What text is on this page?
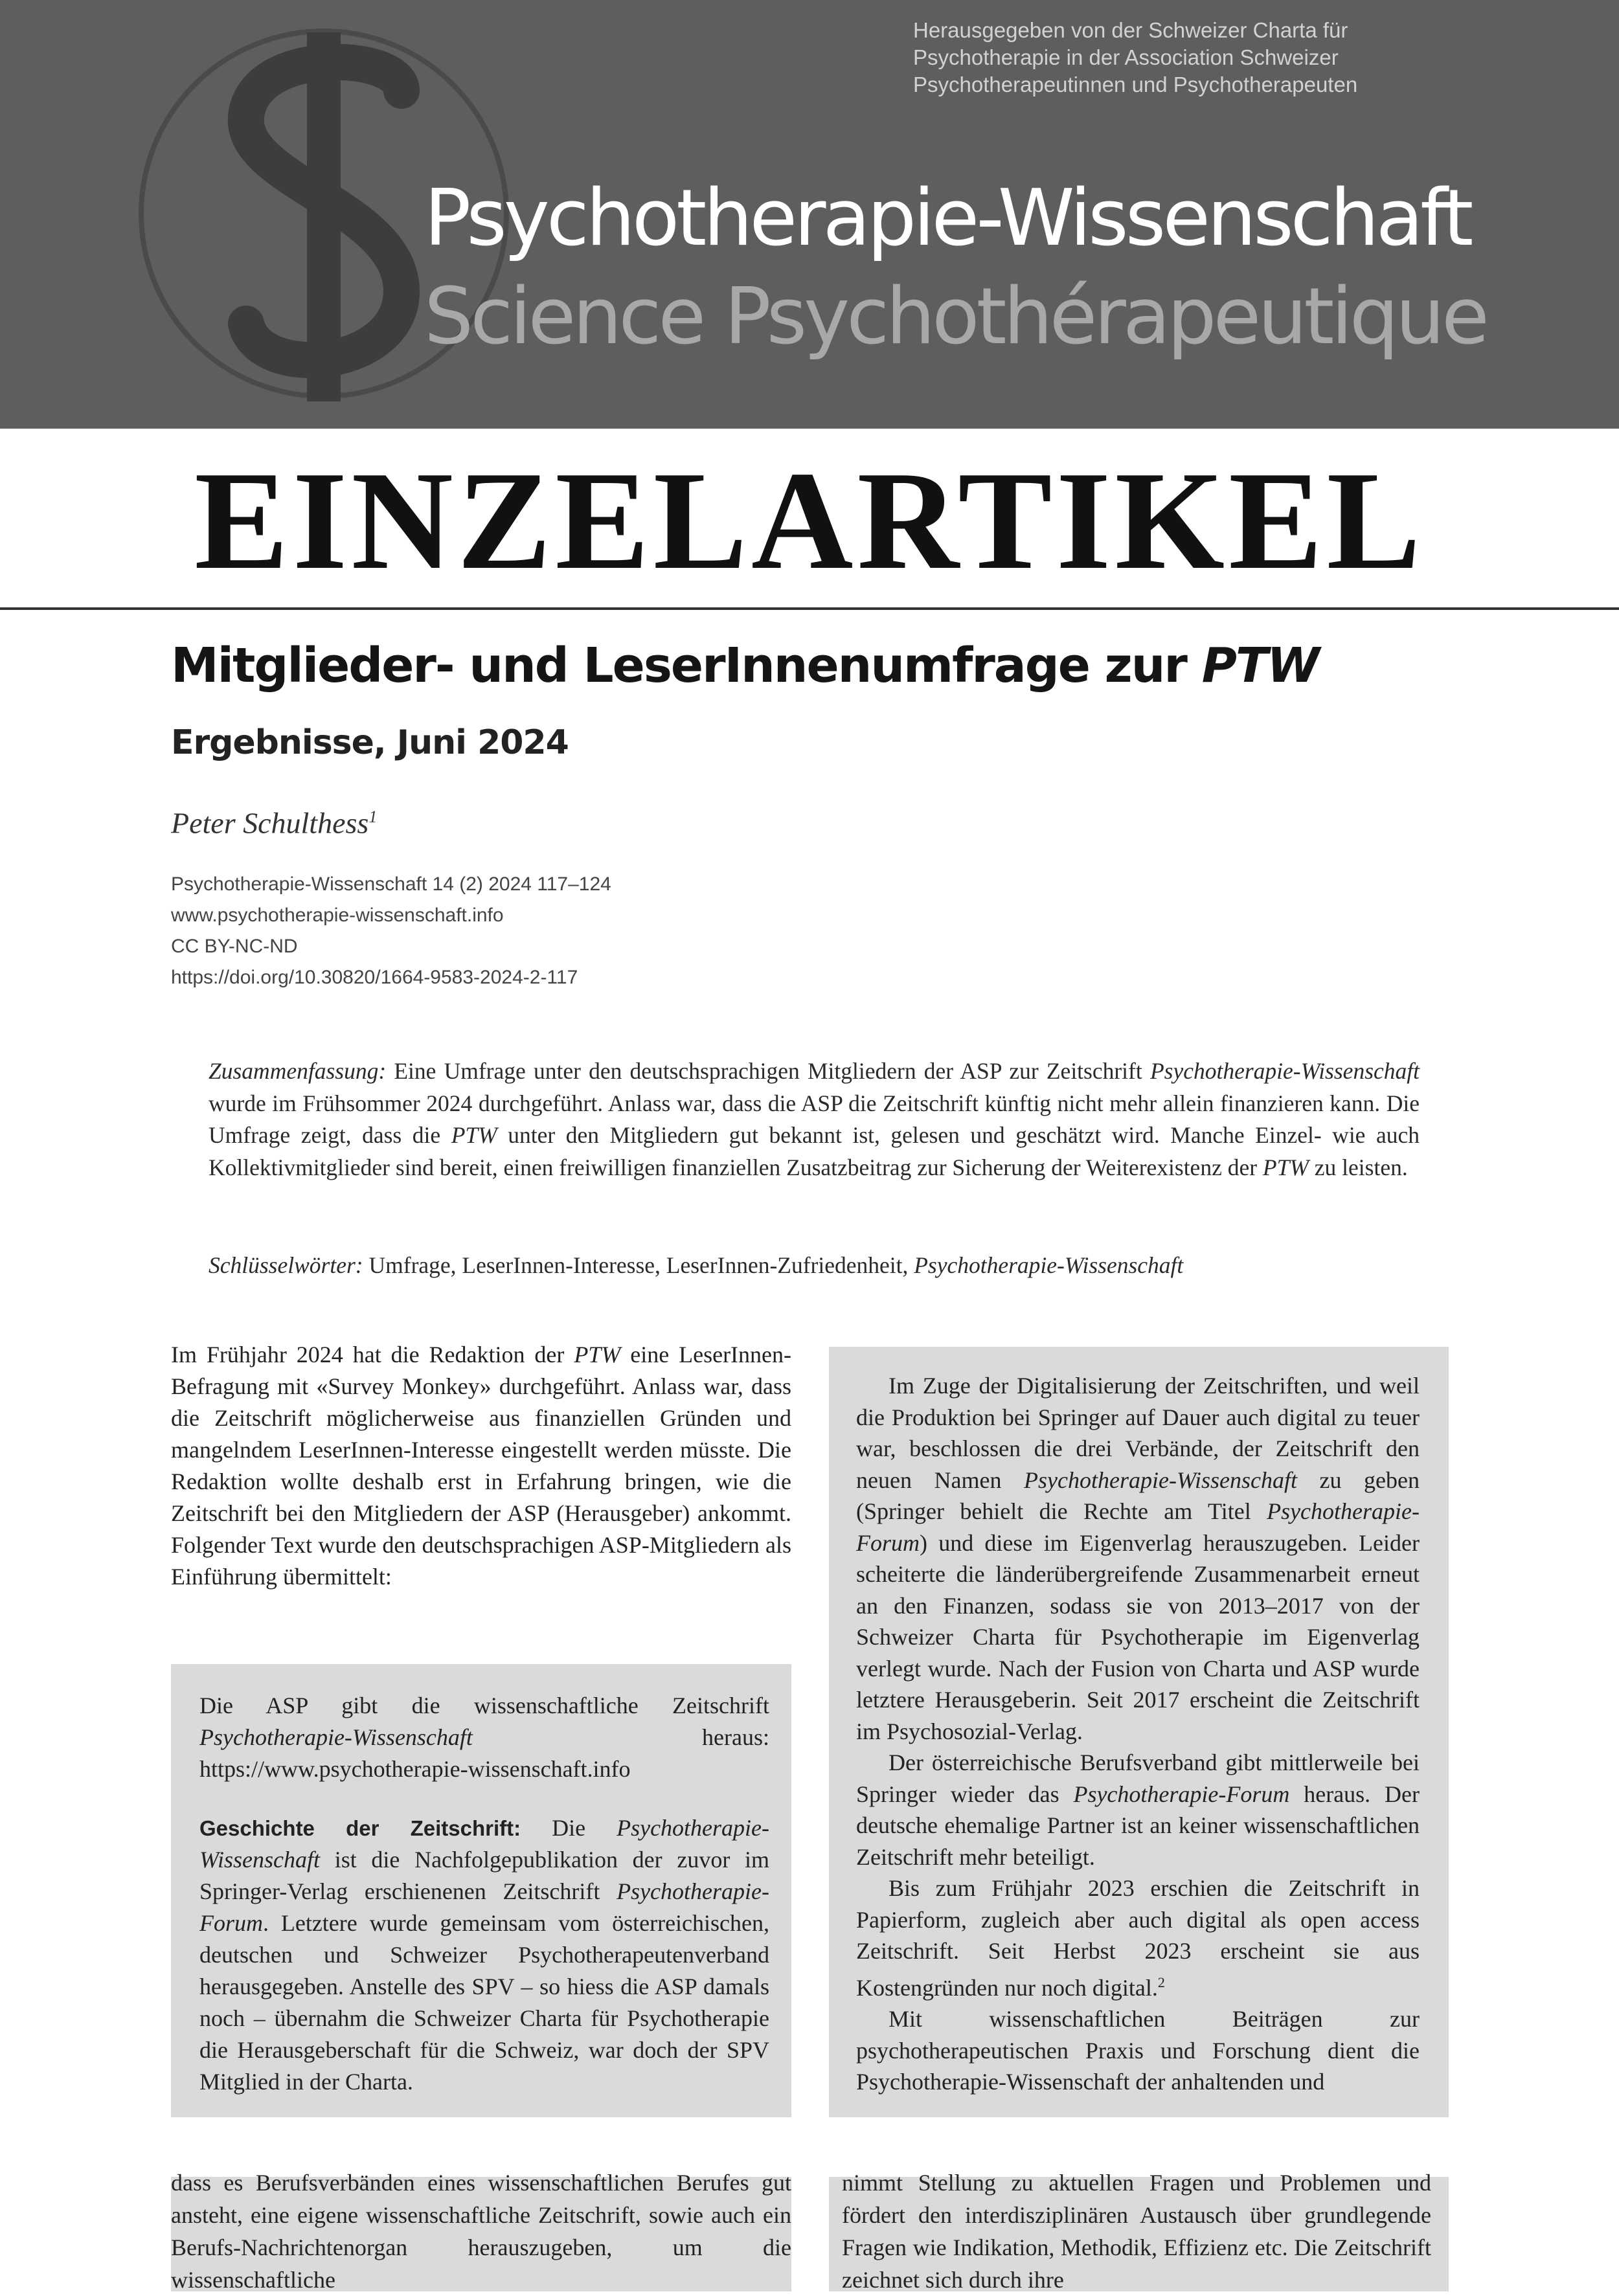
Herausgegeben von der Schweizer Charta für Psychotherapie in der Association Schweizer Psychotherapeutinnen und Psychotherapeuten
Psychotherapie-Wissenschaft
Science Psychothérapeutique
EINZELARTIKEL
Mitglieder- und LeserInnenumfrage zur PTW
Ergebnisse, Juni 2024
Peter Schulthess$^1$
Psychotherapie-Wissenschaft 14 (2) 2024 117–124
www.psychotherapie-wissenschaft.info
CC BY-NC-ND
https://doi.org/10.30820/1664-9583-2024-2-117
Zusammenfassung: Eine Umfrage unter den deutschsprachigen Mitgliedern der ASP zur Zeitschrift Psychotherapie-Wissenschaft wurde im Frühsommer 2024 durchgeführt. Anlass war, dass die ASP die Zeitschrift künftig nicht mehr allein finanzieren kann. Die Umfrage zeigt, dass die PTW unter den Mitgliedern gut bekannt ist, gelesen und geschätzt wird. Manche Einzel- wie auch Kollektivmitglieder sind bereit, einen freiwilligen finanziellen Zusatzbeitrag zur Sicherung der Weiterexistenz der PTW zu leisten.
Schlüsselwörter: Umfrage, LeserInnen-Interesse, LeserInnen-Zufriedenheit, Psychotherapie-Wissenschaft
Im Frühjahr 2024 hat die Redaktion der PTW eine LeserInnen-Befragung mit «Survey Monkey» durchgeführt. Anlass war, dass die Zeitschrift möglicherweise aus finanziellen Gründen und mangelndem LeserInnen-Interesse eingestellt werden müsste. Die Redaktion wollte deshalb erst in Erfahrung bringen, wie die Zeitschrift bei den Mitgliedern der ASP (Herausgeber) ankommt. Folgender Text wurde den deutschsprachigen ASP-Mitgliedern als Einführung übermittelt:

Die ASP gibt die wissenschaftliche Zeitschrift Psychotherapie-Wissenschaft heraus: https://www.psychotherapie-wissenschaft.info

Geschichte der Zeitschrift: Die Psychotherapie-Wissenschaft ist die Nachfolgepublikation der zuvor im Springer-Verlag erschienenen Zeitschrift Psychotherapie-Forum. Letztere wurde gemeinsam vom österreichischen, deutschen und Schweizer Psychotherapeutenverband herausgegeben. Anstelle des SPV – so hiess die ASP damals noch – übernahm die Schweizer Charta für Psychotherapie die Herausgeberschaft für die Schweiz, war doch der SPV Mitglied in der Charta.

Im Zuge der Digitalisierung der Zeitschriften, und weil die Produktion bei Springer auf Dauer auch digital zu teuer war, beschlossen die drei Verbände, der Zeitschrift den neuen Namen Psychotherapie-Wissenschaft zu geben (Springer behielt die Rechte am Titel Psychotherapie-Forum) und diese im Eigenverlag herauszugeben. Leider scheiterte die länderübergreifende Zusammenarbeit erneut an den Finanzen, sodass sie von 2013–2017 von der Schweizer Charta für Psychotherapie im Eigenverlag verlegt wurde. Nach der Fusion von Charta und ASP wurde letztere Herausgeberin. Seit 2017 erscheint die Zeitschrift im Psychosozial-Verlag.

Der österreichische Berufsverband gibt mittlerweile bei Springer wieder das Psychotherapie-Forum heraus. Der deutsche ehemalige Partner ist an keiner wissenschaftlichen Zeitschrift mehr beteiligt.

Bis zum Frühjahr 2023 erschien die Zeitschrift in Papierform, zugleich aber auch digital als open access Zeitschrift. Seit Herbst 2023 erscheint sie aus Kostengründen nur noch digital.$^2$

Mit wissenschaftlichen Beiträgen zur psychotherapeutischen Praxis und Forschung dient die Psychotherapie-Wissenschaft der anhaltenden und

dass es Berufsverbänden eines wissenschaftlichen Berufes gut ansteht, eine eigene wissenschaftliche Zeitschrift, sowie auch ein Berufs-Nachrichtenorgan herauszugeben, um die wissenschaftliche
nimmt Stellung zu aktuellen Fragen und Problemen und fördert den interdisziplinären Austausch über grundlegende Fragen wie Indikation, Methodik, Effizienz etc. Die Zeitschrift zeichnet sich durch ihre
